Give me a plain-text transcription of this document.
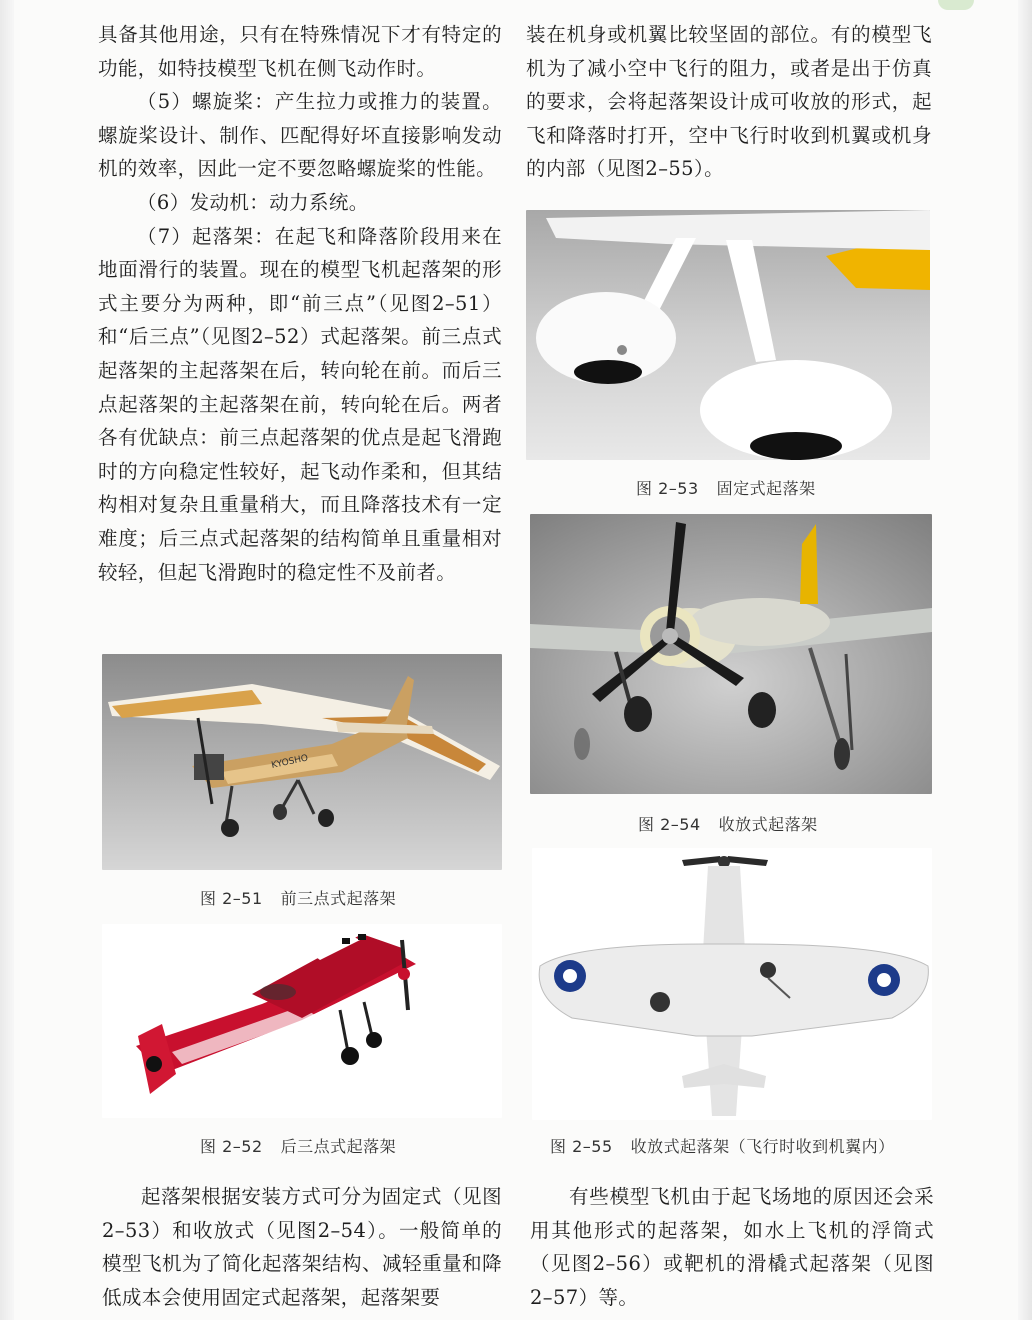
具备其他用途，只有在特殊情况下才有特定的功能，如特技模型飞机在侧飞动作时。

（5）螺旋桨：产生拉力或推力的装置。螺旋桨设计、制作、匹配得好坏直接影响发动机的效率，因此一定不要忽略螺旋桨的性能。

（6）发动机：动力系统。

（7）起落架：在起飞和降落阶段用来在地面滑行的装置。现在的模型飞机起落架的形式主要分为两种，即“前三点”（见图2–51）和“后三点”（见图2–52）式起落架。前三点式起落架的主起落架在后，转向轮在前。而后三点起落架的主起落架在前，转向轮在后。两者各有优缺点：前三点起落架的优点是起飞滑跑时的方向稳定性较好，起飞动作柔和，但其结构相对复杂且重量稍大，而且降落技术有一定难度；后三点式起落架的结构简单且重量相对较轻，但起飞滑跑时的稳定性不及前者。

装在机身或机翼比较坚固的部位。有的模型飞机为了减小空中飞行的阻力，或者是出于仿真的要求，会将起落架设计成可收放的形式，起飞和降落时打开，空中飞行时收到机翼或机身的内部（见图2–55）。

KYOSHO
图 2–51 前三点式起落架
图 2–52 后三点式起落架
图 2–53 固定式起落架
图 2–54 收放式起落架
图 2–55 收放式起落架（飞行时收到机翼内）

起落架根据安装方式可分为固定式（见图2–53）和收放式（见图2–54）。一般简单的模型飞机为了简化起落架结构、减轻重量和降低成本会使用固定式起落架，起落架要

有些模型飞机由于起飞场地的原因还会采用其他形式的起落架，如水上飞机的浮筒式（见图2–56）或靶机的滑橇式起落架（见图2–57）等。
